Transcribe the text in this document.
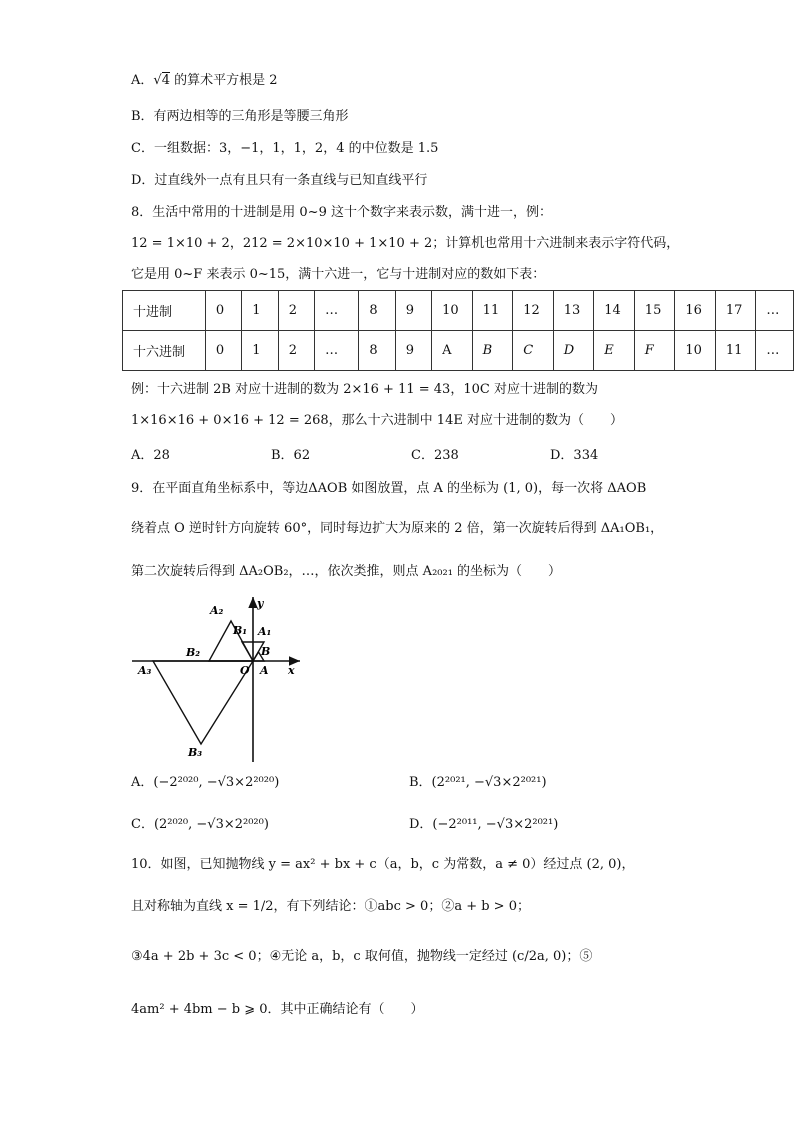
A．√4 的算术平方根是 2
B．有两边相等的三角形是等腰三角形
C．一组数据：3，−1，1，1，2，4 的中位数是 1.5
D．过直线外一点有且只有一条直线与已知直线平行
8．生活中常用的十进制是用 0~9 这十个数字来表示数，满十进一，例：
12 = 1×10 + 2，212 = 2×10×10 + 1×10 + 2；计算机也常用十六进制来表示字符代码，
它是用 0~F 来表示 0~15，满十六进一，它与十进制对应的数如下表：
十进制	0	1	2	…	8	9	10	11	12	13	14	15	16	17	…
十六进制	0	1	2	…	8	9	A	B	C	D	E	F	10	11	…
例：十六进制 2B 对应十进制的数为 2×16 + 11 = 43，10C 对应十进制的数为
1×16×16 + 0×16 + 12 = 268，那么十六进制中 14E 对应十进制的数为（　　）
A．28	B．62	C．238	D．334
9．在平面直角坐标系中，等边ΔAOB 如图放置，点 A 的坐标为 (1, 0)，每一次将 ΔAOB
绕着点 O 逆时针方向旋转 60°，同时每边扩大为原来的 2 倍，第一次旋转后得到 ΔA₁OB₁，
第二次旋转后得到 ΔA₂OB₂，…，依次类推，则点 A₂₀₂₁ 的坐标为（　　）
y
x
O A
B
A₁
B₁
A₂
B₂
A₃
B₃
A．(−2²⁰²⁰, −√3×2²⁰²⁰)	B．(2²⁰²¹, −√3×2²⁰²¹)
C．(2²⁰²⁰, −√3×2²⁰²⁰)	D．(−2²⁰¹¹, −√3×2²⁰²¹)
10．如图，已知抛物线 y = ax² + bx + c（a，b，c 为常数，a ≠ 0）经过点 (2, 0)，
且对称轴为直线 x = 1/2，有下列结论：①abc > 0；②a + b > 0；
③4a + 2b + 3c < 0；④无论 a，b，c 取何值，抛物线一定经过 (c/2a, 0)；⑤
4am² + 4bm − b ⩾ 0．其中正确结论有（　　）
